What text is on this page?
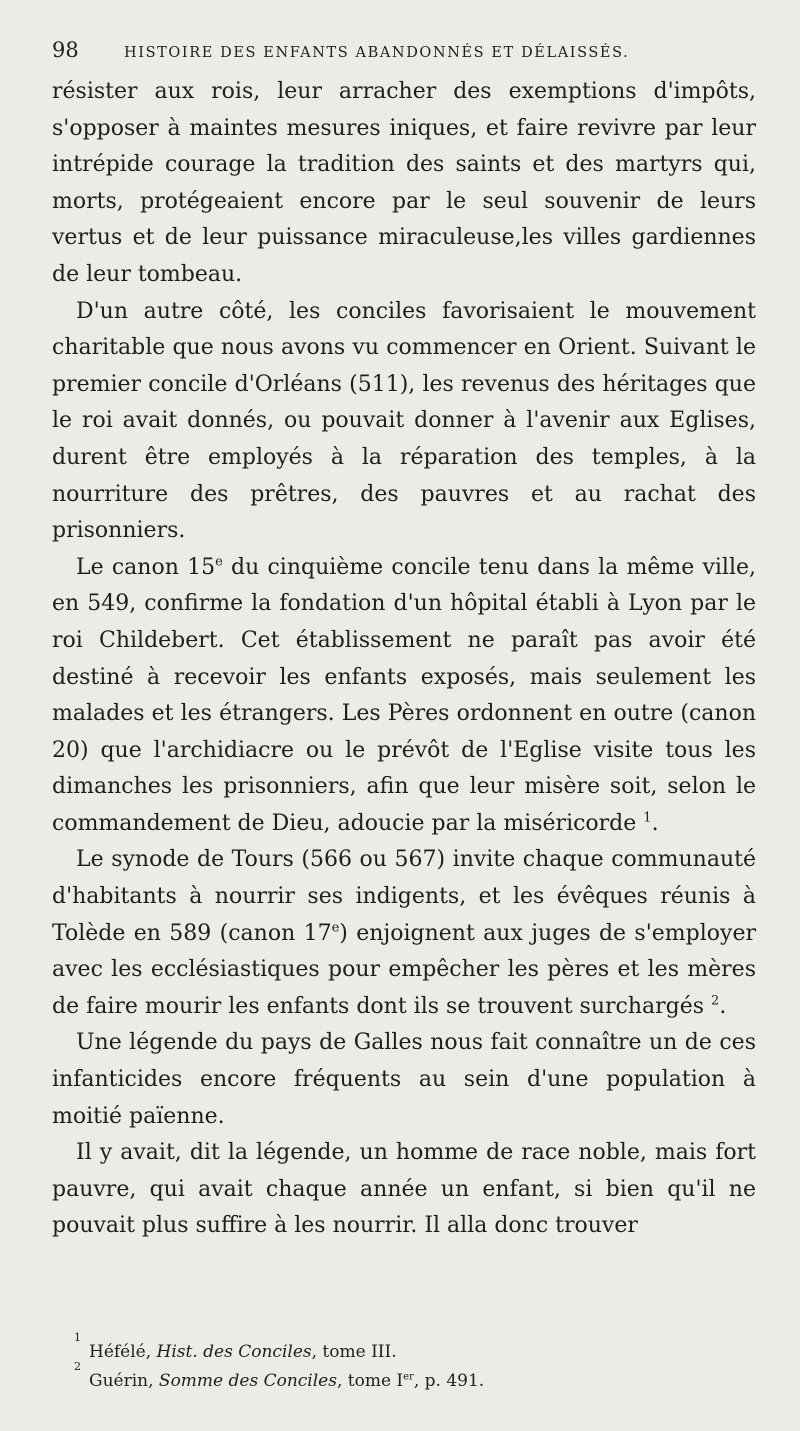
98	HISTOIRE DES ENFANTS ABANDONNÉS ET DÉLAISSÉS.

résister aux rois, leur arracher des exemptions d'impôts, s'opposer à maintes mesures iniques, et faire revivre par leur intrépide courage la tradition des saints et des martyrs qui, morts, protégeaient encore par le seul souvenir de leurs vertus et de leur puissance miraculeuse,les villes gardiennes de leur tombeau.

D'un autre côté, les conciles favorisaient le mouvement charitable que nous avons vu commencer en Orient. Suivant le premier concile d'Orléans (511), les revenus des héritages que le roi avait donnés, ou pouvait donner à l'avenir aux Eglises, durent être employés à la réparation des temples, à la nourriture des prêtres, des pauvres et au rachat des prisonniers.

Le canon 15e du cinquième concile tenu dans la même ville, en 549, confirme la fondation d'un hôpital établi à Lyon par le roi Childebert. Cet établissement ne paraît pas avoir été destiné à recevoir les enfants exposés, mais seulement les malades et les étrangers. Les Pères ordonnent en outre (canon 20) que l'archidiacre ou le prévôt de l'Eglise visite tous les dimanches les prisonniers, afin que leur misère soit, selon le commandement de Dieu, adoucie par la miséricorde $^1$.

Le synode de Tours (566 ou 567) invite chaque communauté d'habitants à nourrir ses indigents, et les évêques réunis à Tolède en 589 (canon 17e) enjoignent aux juges de s'employer avec les ecclésiastiques pour empêcher les pères et les mères de faire mourir les enfants dont ils se trouvent surchargés $^2$.

Une légende du pays de Galles nous fait connaître un de ces infanticides encore fréquents au sein d'une population à moitié païenne.

Il y avait, dit la légende, un homme de race noble, mais fort pauvre, qui avait chaque année un enfant, si bien qu'il ne pouvait plus suffire à les nourrir. Il alla donc trouver

1
Héfélé, Hist. des Conciles, tome III.
2
Guérin, Somme des Conciles, tome Ier, p. 491.
